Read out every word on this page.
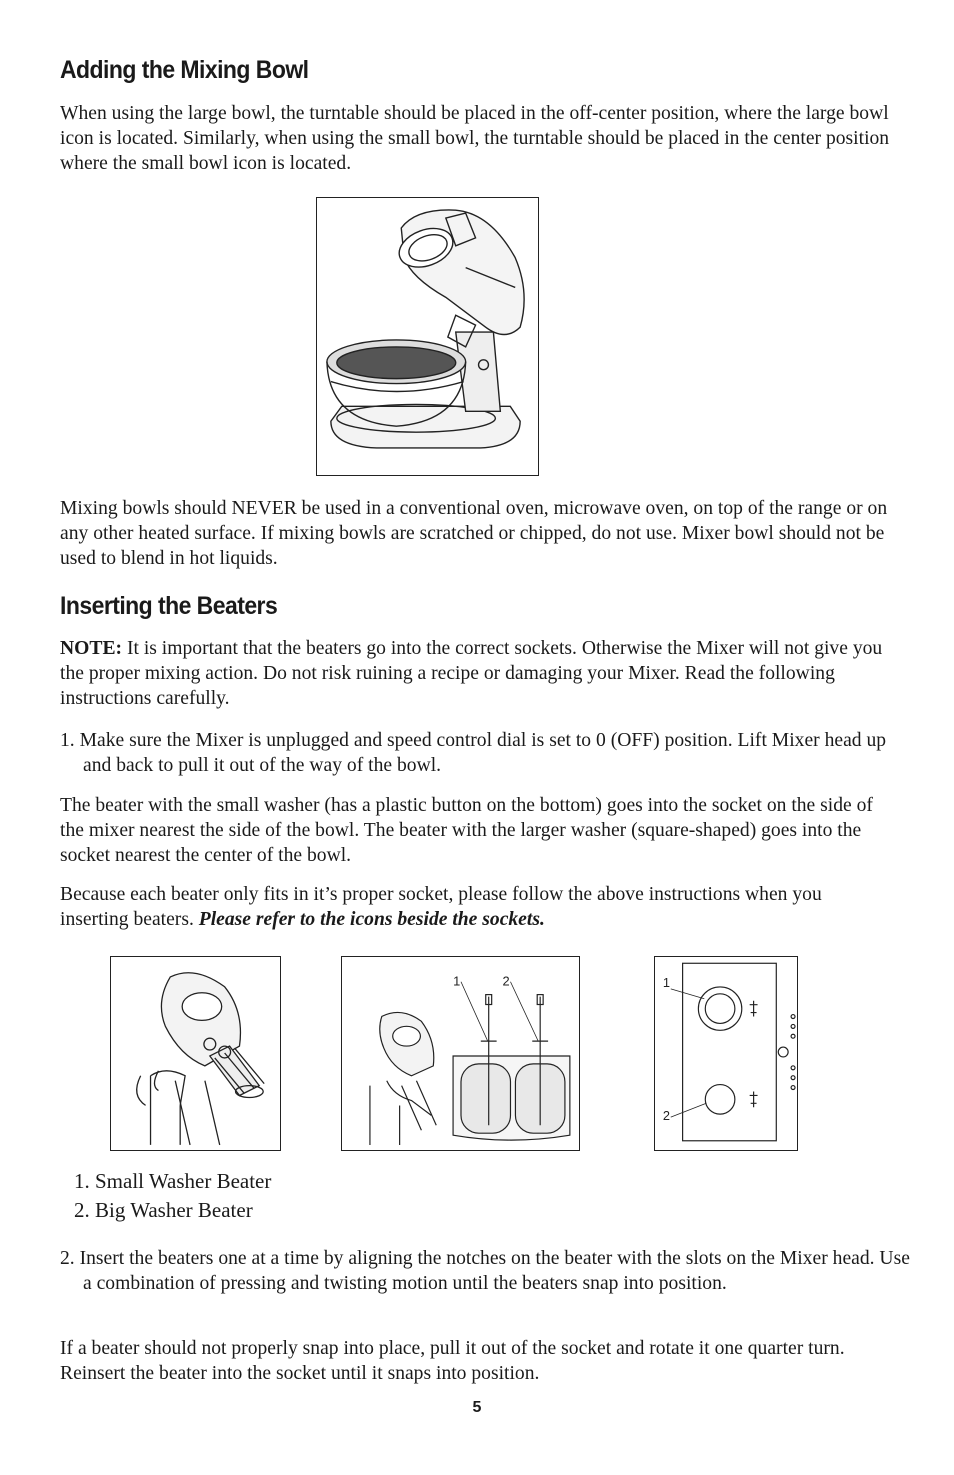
Adding the Mixing Bowl

When using the large bowl, the turntable should be placed in the off-center position, where the large bowl icon is located. Similarly, when using the small bowl, the turntable should be placed in the center position where the small bowl icon is located.

Mixing bowls should NEVER be used in a conventional oven, microwave oven, on top of the range or on any other heated surface. If mixing bowls are scratched or chipped, do not use. Mixer bowl should not be used to blend in hot liquids.

Inserting the Beaters

NOTE: It is important that the beaters go into the correct sockets. Otherwise the Mixer will not give you the proper mixing action. Do not risk ruining a recipe or damaging your Mixer. Read the following instructions carefully.

1. Make sure the Mixer is unplugged and speed control dial is set to 0 (OFF) position. Lift Mixer head up and back to pull it out of the way of the bowl.

The beater with the small washer (has a plastic button on the bottom) goes into the socket on the side of the mixer nearest the side of the bowl. The beater with the larger washer (square-shaped) goes into the socket nearest the center of the bowl.

Because each beater only fits in it’s proper socket, please follow the above instructions when you inserting beaters. Please refer to the icons beside the sockets.

1	2	1
2
1. Small Washer Beater
2. Big Washer Beater

2. Insert the beaters one at a time by aligning the notches on the beater with the slots on the Mixer head. Use a combination of pressing and twisting motion until the beaters snap into position.

If a beater should not properly snap into place, pull it out of the socket and rotate it one quarter turn. Reinsert the beater into the socket until it snaps into position.

5
